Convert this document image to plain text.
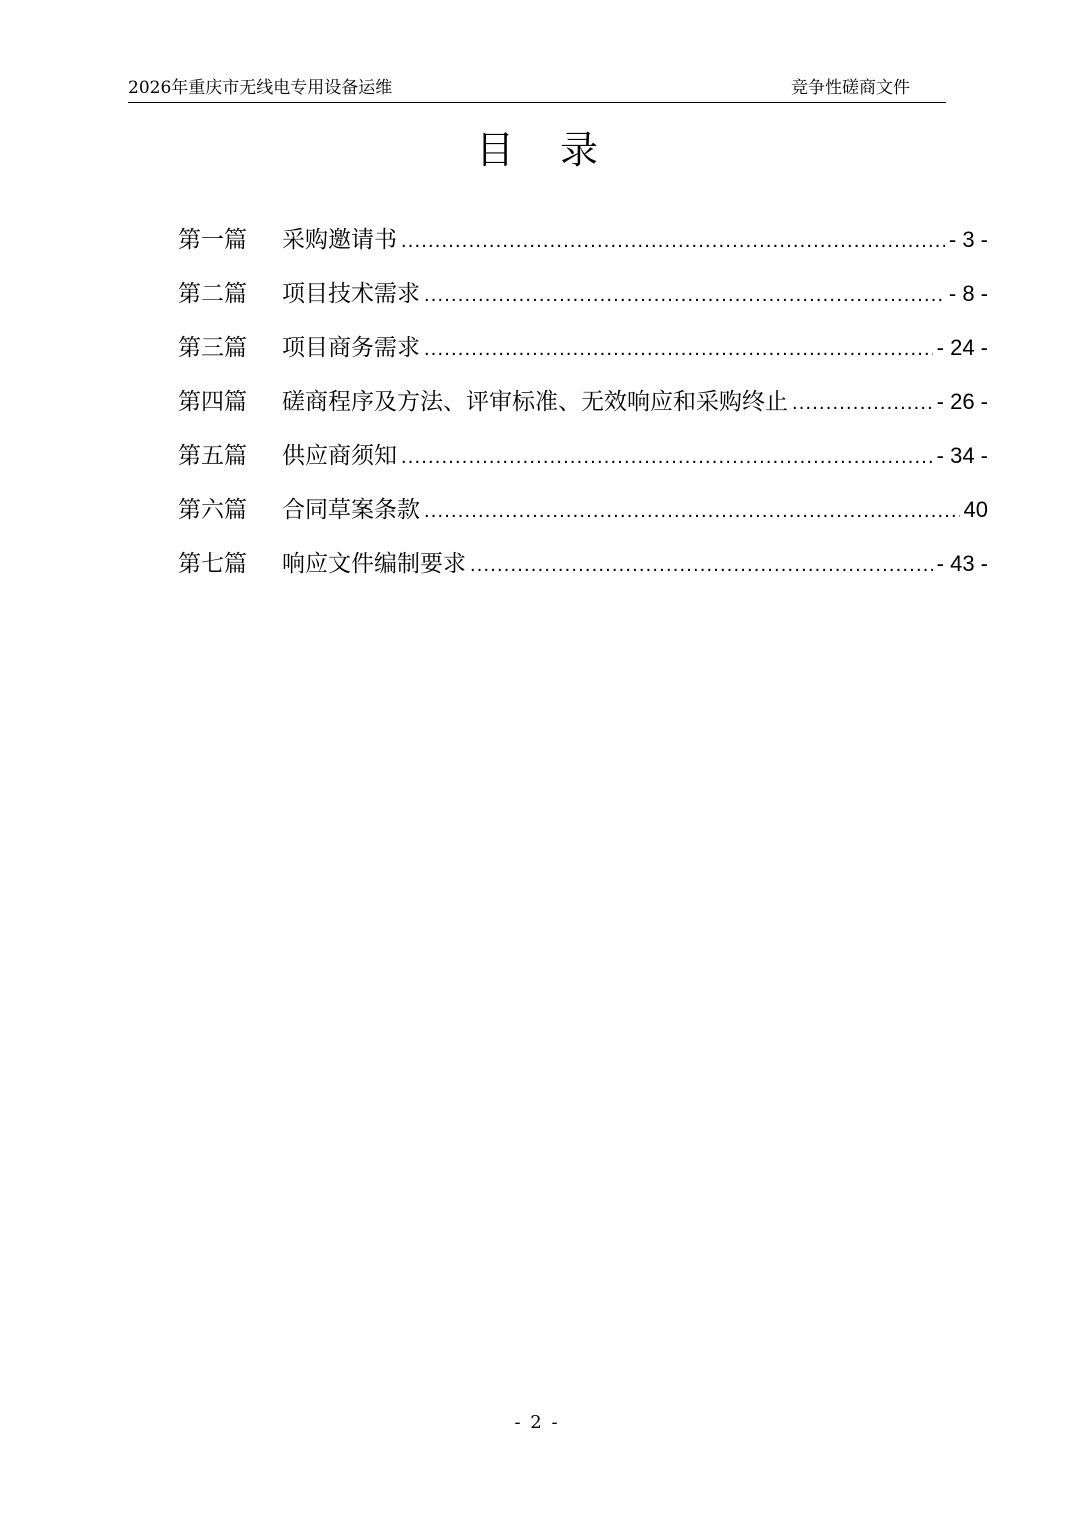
2026年重庆市无线电专用设备运维	竞争性磋商文件
目录
第一篇	采购邀请书 .....	- 3 -
第二篇	项目技术需求 .....	- 8 -
第三篇	项目商务需求 .....	- 24 -
第四篇	磋商程序及方法、评审标准、无效响应和采购终止 .....	- 26 -
第五篇	供应商须知 .....	- 34 -
第六篇	合同草案条款 .....	40
第七篇	响应文件编制要求 .....	- 43 -
- 2 -
